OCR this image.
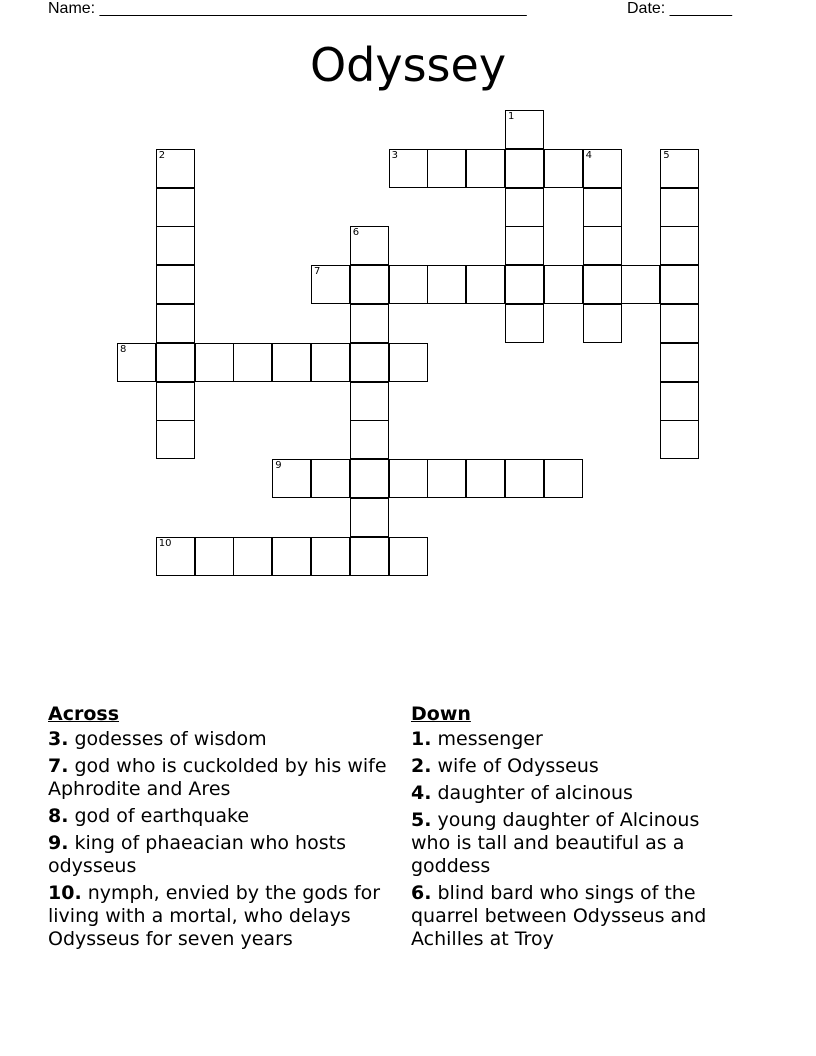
Name: ________________________________________________	Date: _______
Odyssey
1
2	3	4	5
6
7
8
9
10
Across
3. godesses of wisdom
7. god who is cuckolded by his wife Aphrodite and Ares
8. god of earthquake
9. king of phaeacian who hosts odysseus
10. nymph, envied by the gods for living with a mortal, who delays Odysseus for seven years
Down
1. messenger
2. wife of Odysseus
4. daughter of alcinous
5. young daughter of Alcinous who is tall and beautiful as a goddess
6. blind bard who sings of the quarrel between Odysseus and Achilles at Troy
